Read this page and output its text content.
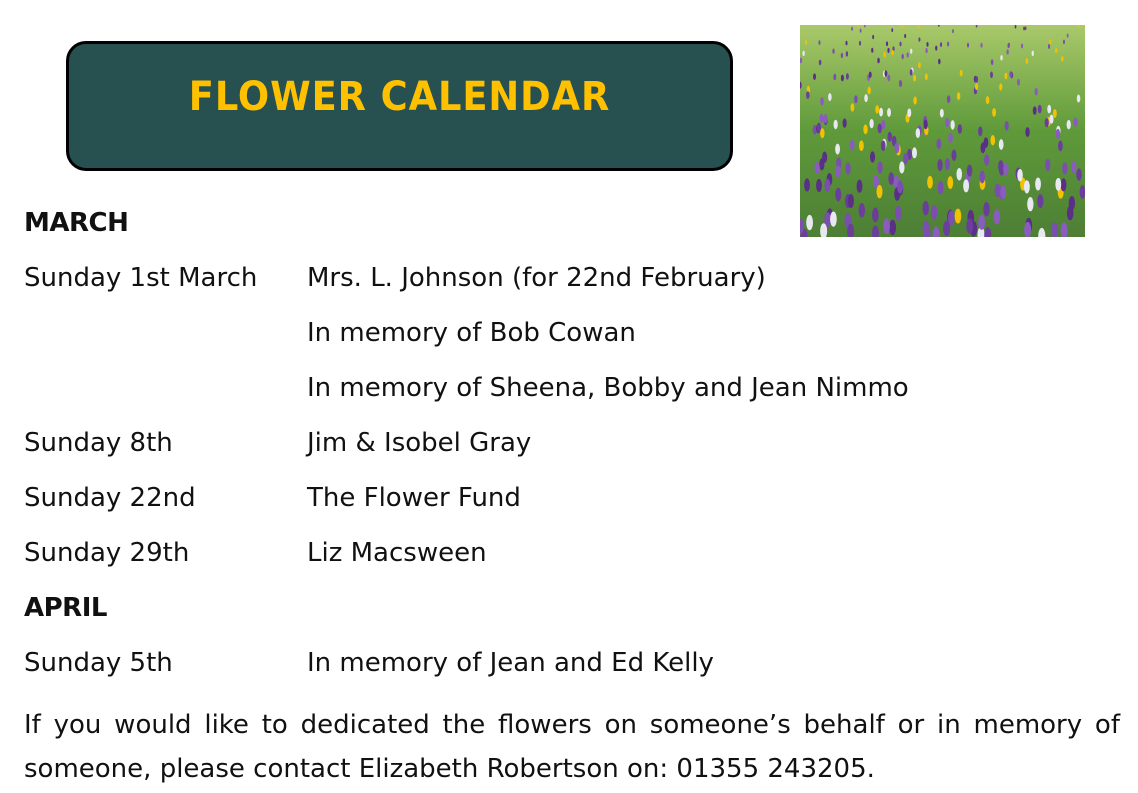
FLOWER CALENDAR
MARCH
Sunday 1st March Mrs. L. Johnson (for 22nd February)
In memory of Bob Cowan
In memory of Sheena, Bobby and Jean Nimmo
Sunday 8th	Jim & Isobel Gray
Sunday 22nd	The Flower Fund
Sunday 29th	Liz Macsween
APRIL
Sunday 5th	In memory of Jean and Ed Kelly
If you would like to dedicated the flowers on someone’s behalf or in memory of someone, please contact Elizabeth Robertson on: 01355 243205.
